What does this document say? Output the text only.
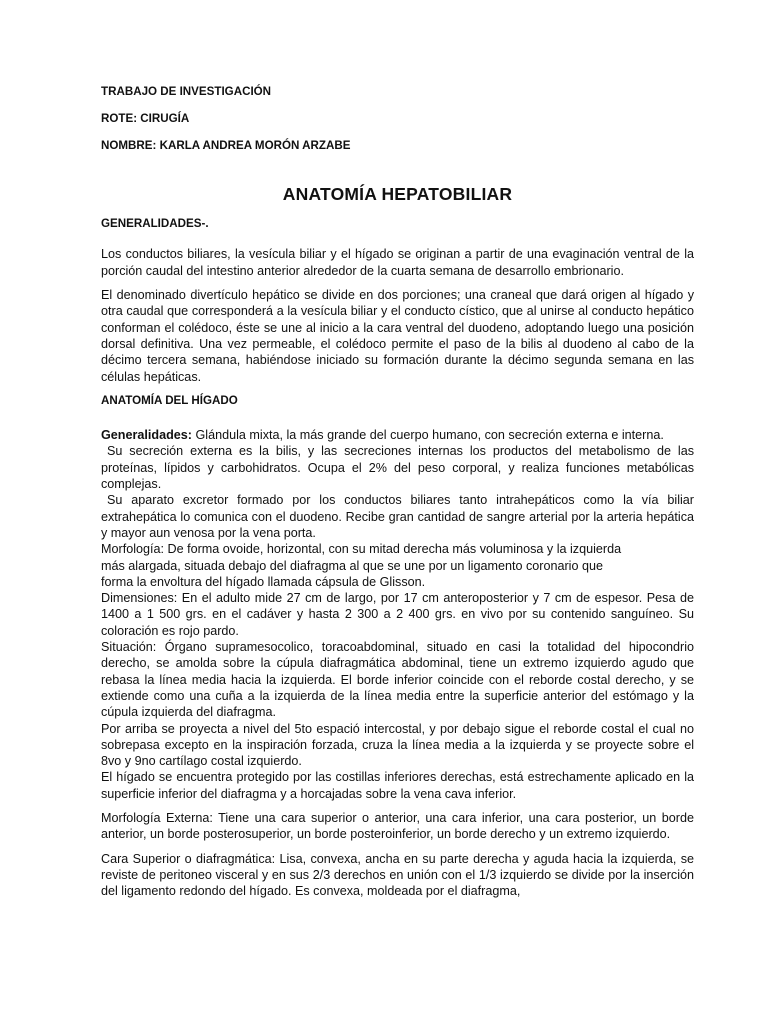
TRABAJO DE INVESTIGACIÓN
ROTE: CIRUGÍA
NOMBRE: KARLA ANDREA MORÓN ARZABE
ANATOMÍA HEPATOBILIAR
GENERALIDADES-.

Los conductos biliares, la vesícula biliar y el hígado se originan a partir de una evaginación ventral de la porción caudal del intestino anterior alrededor de la cuarta semana de desarrollo embrionario.

El denominado divertículo hepático se divide en dos porciones; una craneal que dará origen al hígado y otra caudal que corresponderá a la vesícula biliar y el conducto cístico, que al unirse al conducto hepático conforman el colédoco, éste se une al inicio a la cara ventral del duodeno, adoptando luego una posición dorsal definitiva. Una vez permeable, el colédoco permite el paso de la bilis al duodeno al cabo de la décimo tercera semana, habiéndose iniciado su formación durante la décimo segunda semana en las células hepáticas.

ANATOMÍA DEL HÍGADO

Generalidades: Glándula mixta, la más grande del cuerpo humano, con secreción externa e interna.

Su secreción externa es la bilis, y las secreciones internas los productos del metabolismo de las proteínas, lípidos y carbohidratos. Ocupa el 2% del peso corporal, y realiza funciones metabólicas complejas.

Su aparato excretor formado por los conductos biliares tanto intrahepáticos como la vía biliar extrahepática lo comunica con el duodeno. Recibe gran cantidad de sangre arterial por la arteria hepática y mayor aun venosa por la vena porta.

Morfología: De forma ovoide, horizontal, con su mitad derecha más voluminosa y la izquierda
más alargada, situada debajo del diafragma al que se une por un ligamento coronario que
forma la envoltura del hígado llamada cápsula de Glisson.

Dimensiones: En el adulto mide 27 cm de largo, por 17 cm anteroposterior y 7 cm de espesor. Pesa de 1400 a 1 500 grs. en el cadáver y hasta 2 300 a 2 400 grs. en vivo por su contenido sanguíneo. Su coloración es rojo pardo.

Situación: Órgano supramesocolico, toracoabdominal, situado en casi la totalidad del hipocondrio derecho, se amolda sobre la cúpula diafragmática abdominal, tiene un extremo izquierdo agudo que rebasa la línea media hacia la izquierda. El borde inferior coincide con el reborde costal derecho, y se extiende como una cuña a la izquierda de la línea media entre la superficie anterior del estómago y la cúpula izquierda del diafragma.

Por arriba se proyecta a nivel del 5to espació intercostal, y por debajo sigue el reborde costal el cual no sobrepasa excepto en la inspiración forzada, cruza la línea media a la izquierda y se proyecte sobre el 8vo y 9no cartílago costal izquierdo.

El hígado se encuentra protegido por las costillas inferiores derechas, está estrechamente aplicado en la superficie inferior del diafragma y a horcajadas sobre la vena cava inferior.

Morfología Externa: Tiene una cara superior o anterior, una cara inferior, una cara posterior, un borde anterior, un borde posterosuperior, un borde posteroinferior, un borde derecho y un extremo izquierdo.

Cara Superior o diafragmática: Lisa, convexa, ancha en su parte derecha y aguda hacia la izquierda, se reviste de peritoneo visceral y en sus 2/3 derechos en unión con el 1/3 izquierdo se divide por la inserción del ligamento redondo del hígado. Es convexa, moldeada por el diafragma,
